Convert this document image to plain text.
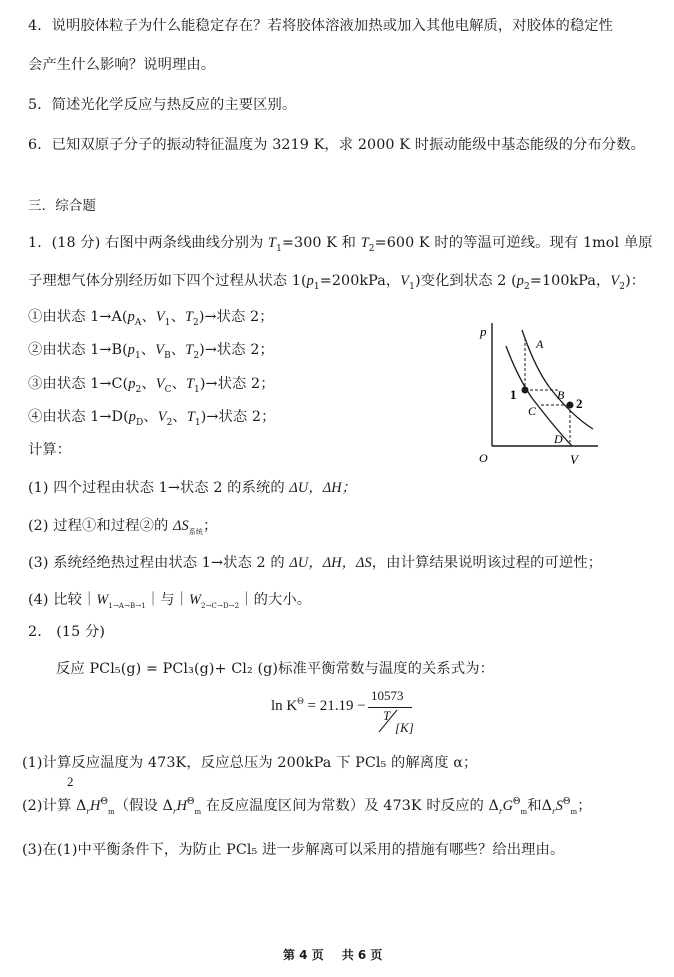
4．说明胶体粒子为什么能稳定存在？若将胶体溶液加热或加入其他电解质，对胶体的稳定性
会产生什么影响？说明理由。
5．简述光化学反应与热反应的主要区别。
6．已知双原子分子的振动特征温度为 3219 K，求 2000 K 时振动能级中基态能级的分布分数。
三．综合题
1．(18 分) 右图中两条线曲线分别为 $T_1=300$ K 和 $T_2=600$ K 时的等温可逆线。现有 1mol 单原
子理想气体分别经历如下四个过程从状态 $1(p_1=200kPa$，$V_1$)变化到状态 2 ($p_2=100kPa$，$V_2$)：
①由状态 $1\to A(p_A$、$V_1$、$T_2)\to$状态 2；
②由状态 $1\to B(p_1$、$V_B$、$T_2)\to$状态 2；
③由状态 $1\to C(p_2$、$V_C$、$T_1)\to$状态 2；
④由状态 $1\to D(p_D$、$V_2$、$T_1)\to$状态 2；
计算：
(1) 四个过程由状态 1→状态 2 的系统的 ΔU，ΔH；
(2) 过程①和过程②的 $\Delta S_{系统}$；
(3) 系统经绝热过程由状态 1→状态 2 的 ΔU，ΔH，ΔS，由计算结果说明该过程的可逆性；
(4) 比较$|W_{1\to A\to B\to 1}|$与$|W_{2\to C\to D\to 2}|$的大小。
p
V
O
A
B
C
D
1
2
2.　(15 分)
反应 PCl₅(g) = PCl₃(g)+ Cl₂ (g)标准平衡常数与温度的关系式为：
$\ln K^\Theta = 21.19$ −
10573
T
[K]
(1)计算反应温度为 473K，反应总压为 200kPa 下 PCl₅ 的解离度 α；
2
(2)计算 $\Delta_rH^\Theta_m$（假设 $\Delta_rH^\Theta_m$ 在反应温度区间为常数）及 473K 时反应的 $\Delta_rG^\Theta_m$和$\Delta_rS^\Theta_m$；
(3)在(1)中平衡条件下，为防止 PCl₅ 进一步解离可以采用的措施有哪些？给出理由。
第 4 页 共 6 页
